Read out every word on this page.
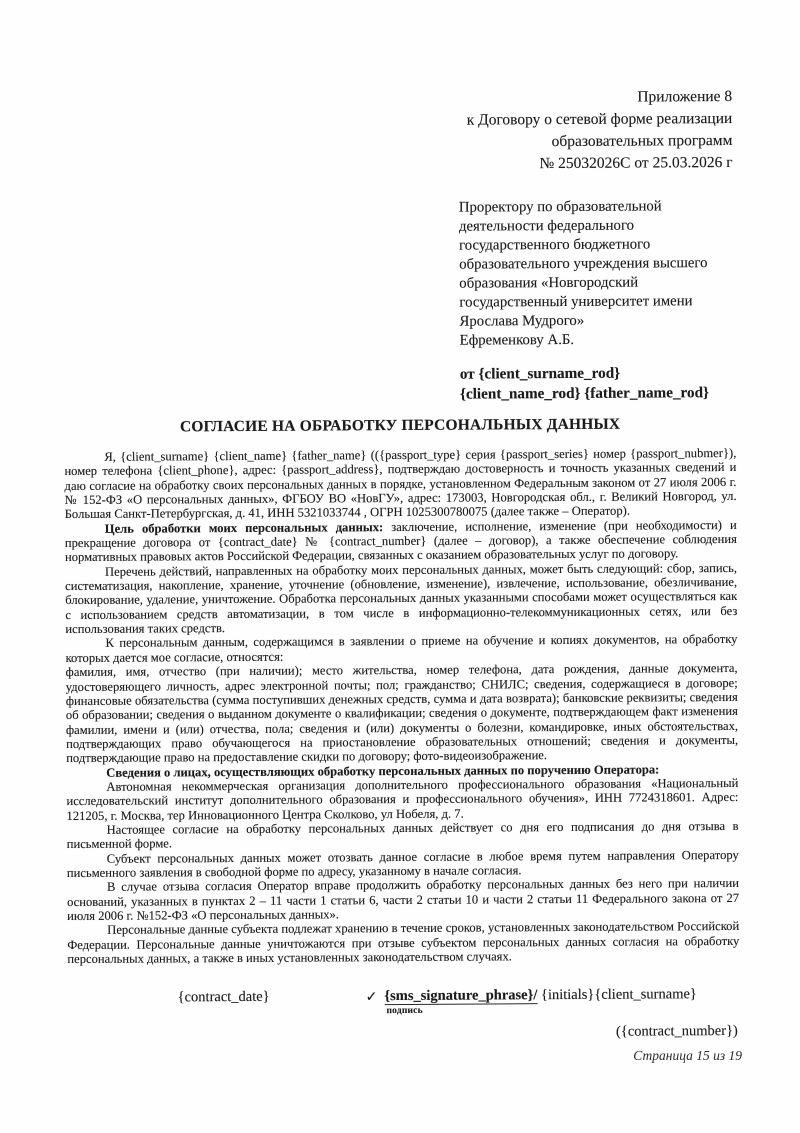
Приложение 8
к Договору о сетевой форме реализации
образовательных программ
№ 25032026С от 25.03.2026 г
Проректору по образовательной
деятельности федерального
государственного бюджетного
образовательного учреждения высшего
образования «Новгородский
государственный университет имени
Ярослава Мудрого»
Ефременкову А.Б.
от {client_surname_rod}
{client_name_rod} {father_name_rod}
СОГЛАСИЕ НА ОБРАБОТКУ ПЕРСОНАЛЬНЫХ ДАННЫХ

Я, {client_surname} {client_name} {father_name} (({passport_type} серия {passport_series} номер {passport_nubmer}), номер телефона {client_phone}, адрес: {passport_address}, подтверждаю достоверность и точность указанных сведений и даю согласие на обработку своих персональных данных в порядке, установленном Федеральным законом от 27 июля 2006 г. № 152-ФЗ «О персональных данных», ФГБОУ ВО «НовГУ», адрес: 173003, Новгородская обл., г. Великий Новгород, ул. Большая Санкт-Петербургская, д. 41, ИНН 5321033744 , ОГРН 1025300780075 (далее также – Оператор).

Цель обработки моих персональных данных: заключение, исполнение, изменение (при необходимости) и прекращение договора от {contract_date} № {contract_number} (далее – договор), а также обеспечение соблюдения нормативных правовых актов Российской Федерации, связанных с оказанием образовательных услуг по договору.

Перечень действий, направленных на обработку моих персональных данных, может быть следующий: сбор, запись, систематизация, накопление, хранение, уточнение (обновление, изменение), извлечение, использование, обезличивание, блокирование, удаление, уничтожение. Обработка персональных данных указанными способами может осуществляться как с использованием средств автоматизации, в том числе в информационно-телекоммуникационных сетях, или без использования таких средств.

К персональным данным, содержащимся в заявлении о приеме на обучение и копиях документов, на обработку которых дается мое согласие, относятся:

фамилия, имя, отчество (при наличии); место жительства, номер телефона, дата рождения, данные документа, удостоверяющего личность, адрес электронной почты; пол; гражданство; СНИЛС; сведения, содержащиеся в договоре; финансовые обязательства (сумма поступивших денежных средств, сумма и дата возврата); банковские реквизиты; сведения об образовании; сведения о выданном документе о квалификации; сведения о документе, подтверждающем факт изменения фамилии, имени и (или) отчества, пола; сведения и (или) документы о болезни, командировке, иных обстоятельствах, подтверждающих право обучающегося на приостановление образовательных отношений; сведения и документы, подтверждающие право на предоставление скидки по договору; фото-видеоизображение.

Сведения о лицах, осуществляющих обработку персональных данных по поручению Оператора:

Автономная некоммерческая организация дополнительного профессионального образования «Национальный исследовательский институт дополнительного образования и профессионального обучения», ИНН 7724318601. Адрес: 121205, г. Москва, тер Инновационного Центра Сколково, ул Нобеля, д. 7.

Настоящее согласие на обработку персональных данных действует со дня его подписания до дня отзыва в письменной форме.

Субъект персональных данных может отозвать данное согласие в любое время путем направления Оператору письменного заявления в свободной форме по адресу, указанному в начале согласия.

В случае отзыва согласия Оператор вправе продолжить обработку персональных данных без него при наличии оснований, указанных в пунктах 2 – 11 части 1 статьи 6, части 2 статьи 10 и части 2 статьи 11 Федерального закона от 27 июля 2006 г. №152-ФЗ «О персональных данных».

Персональные данные субъекта подлежат хранению в течение сроков, установленных законодательством Российской Федерации. Персональные данные уничтожаются при отзыве субъектом персональных данных согласия на обработку персональных данных, а также в иных установленных законодательством случаях.

{contract_date}	✓ {sms_signature_phrase}/ {initials}{client_surname}
подпись
({contract_number})
Страница 15 из 19
